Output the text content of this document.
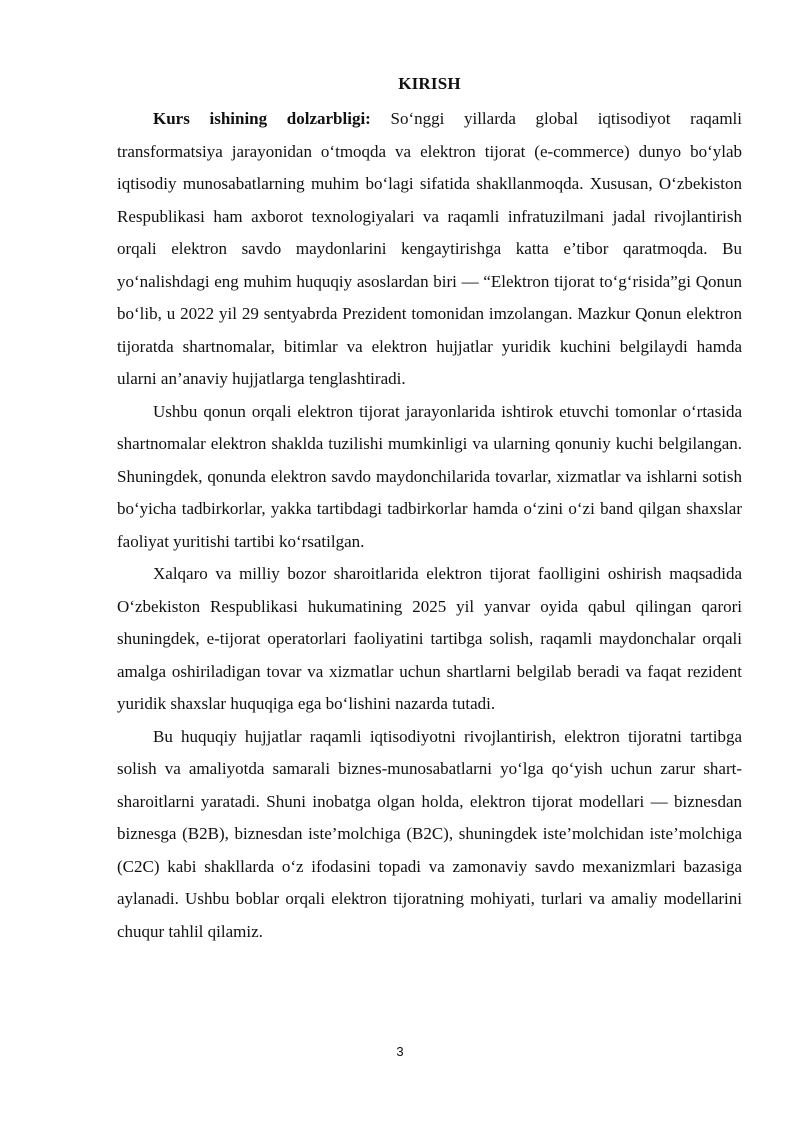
KIRISH

Kurs ishining dolzarbligi: So‘nggi yillarda global iqtisodiyot raqamli transformatsiya jarayonidan o‘tmoqda va elektron tijorat (e-commerce) dunyo bo‘ylab iqtisodiy munosabatlarning muhim bo‘lagi sifatida shakllanmoqda. Xususan, O‘zbekiston Respublikasi ham axborot texnologiyalari va raqamli infratuzilmani jadal rivojlantirish orqali elektron savdo maydonlarini kengaytirishga katta e’tibor qaratmoqda. Bu yo‘nalishdagi eng muhim huquqiy asoslardan biri — “Elektron tijorat to‘g‘risida”gi Qonun bo‘lib, u 2022 yil 29 sentyabrda Prezident tomonidan imzolangan. Mazkur Qonun elektron tijoratda shartnomalar, bitimlar va elektron hujjatlar yuridik kuchini belgilaydi hamda ularni an’anaviy hujjatlarga tenglashtiradi.

Ushbu qonun orqali elektron tijorat jarayonlarida ishtirok etuvchi tomonlar o‘rtasida shartnomalar elektron shaklda tuzilishi mumkinligi va ularning qonuniy kuchi belgilangan. Shuningdek, qonunda elektron savdo maydonchilarida tovarlar, xizmatlar va ishlarni sotish bo‘yicha tadbirkorlar, yakka tartibdagi tadbirkorlar hamda o‘zini o‘zi band qilgan shaxslar faoliyat yuritishi tartibi ko‘rsatilgan.

Xalqaro va milliy bozor sharoitlarida elektron tijorat faolligini oshirish maqsadida O‘zbekiston Respublikasi hukumatining 2025 yil yanvar oyida qabul qilingan qarori shuningdek, e-tijorat operatorlari faoliyatini tartibga solish, raqamli maydonchalar orqali amalga oshiriladigan tovar va xizmatlar uchun shartlarni belgilab beradi va faqat rezident yuridik shaxslar huquqiga ega bo‘lishini nazarda tutadi.

Bu huquqiy hujjatlar raqamli iqtisodiyotni rivojlantirish, elektron tijoratni tartibga solish va amaliyotda samarali biznes-munosabatlarni yo‘lga qo‘yish uchun zarur shart-sharoitlarni yaratadi. Shuni inobatga olgan holda, elektron tijorat modellari — biznesdan biznesga (B2B), biznesdan iste’molchiga (B2C), shuningdek iste’molchidan iste’molchiga (C2C) kabi shakllarda o‘z ifodasini topadi va zamonaviy savdo mexanizmlari bazasiga aylanadi. Ushbu boblar orqali elektron tijoratning mohiyati, turlari va amaliy modellarini chuqur tahlil qilamiz.

3
